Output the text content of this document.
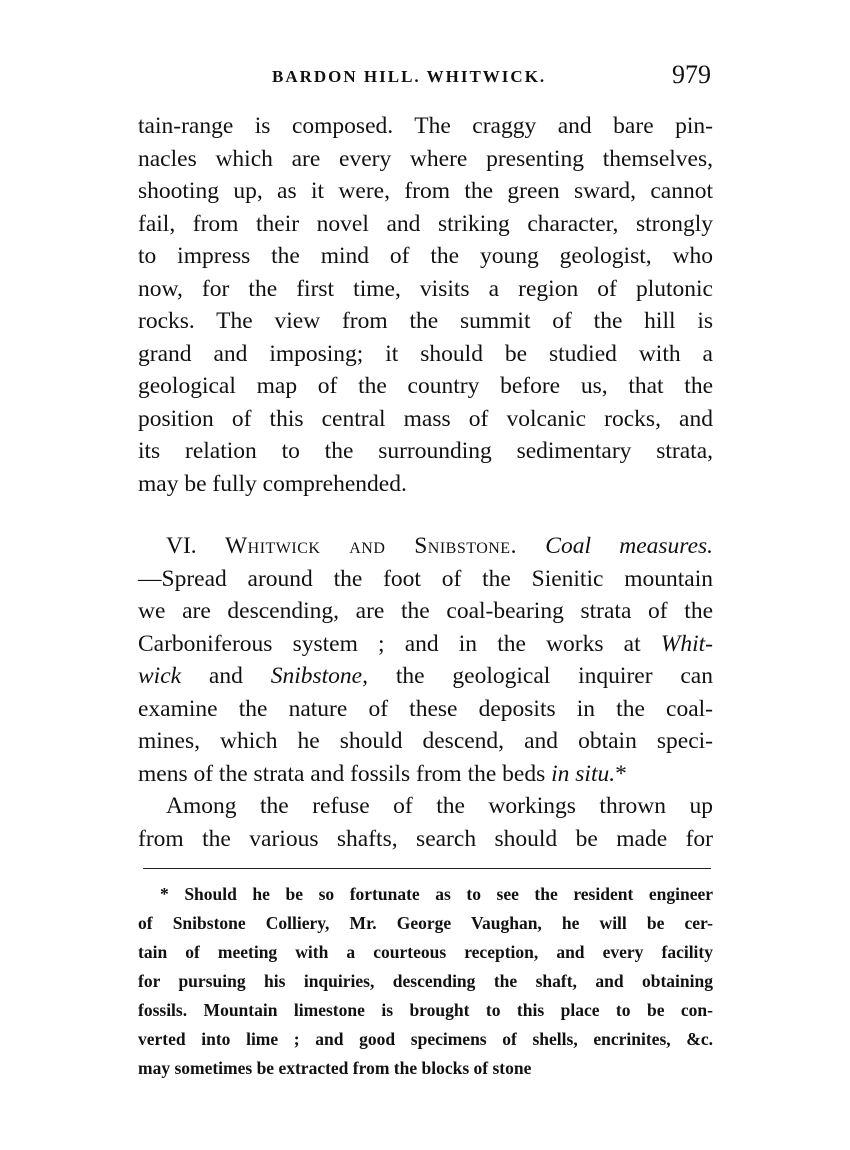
BARDON HILL. WHITWICK.	979
tain-range is composed. The craggy and bare pin-
nacles which are every where presenting themselves,
shooting up, as it were, from the green sward, cannot
fail, from their novel and striking character, strongly
to impress the mind of the young geologist, who
now, for the first time, visits a region of plutonic
rocks. The view from the summit of the hill is
grand and imposing; it should be studied with a
geological map of the country before us, that the
position of this central mass of volcanic rocks, and
its relation to the surrounding sedimentary strata,
may be fully comprehended.
VI. Whitwick and Snibstone. Coal measures.
—Spread around the foot of the Sienitic mountain
we are descending, are the coal-bearing strata of the
Carboniferous system ; and in the works at Whit-
wick and Snibstone, the geological inquirer can
examine the nature of these deposits in the coal-
mines, which he should descend, and obtain speci-
mens of the strata and fossils from the beds in situ.*
Among the refuse of the workings thrown up
from the various shafts, search should be made for
* Should he be so fortunate as to see the resident engineer
of Snibstone Colliery, Mr. George Vaughan, he will be cer-
tain of meeting with a courteous reception, and every facility
for pursuing his inquiries, descending the shaft, and obtaining
fossils. Mountain limestone is brought to this place to be con-
verted into lime ; and good specimens of shells, encrinites, &c.
may sometimes be extracted from the blocks of stone
